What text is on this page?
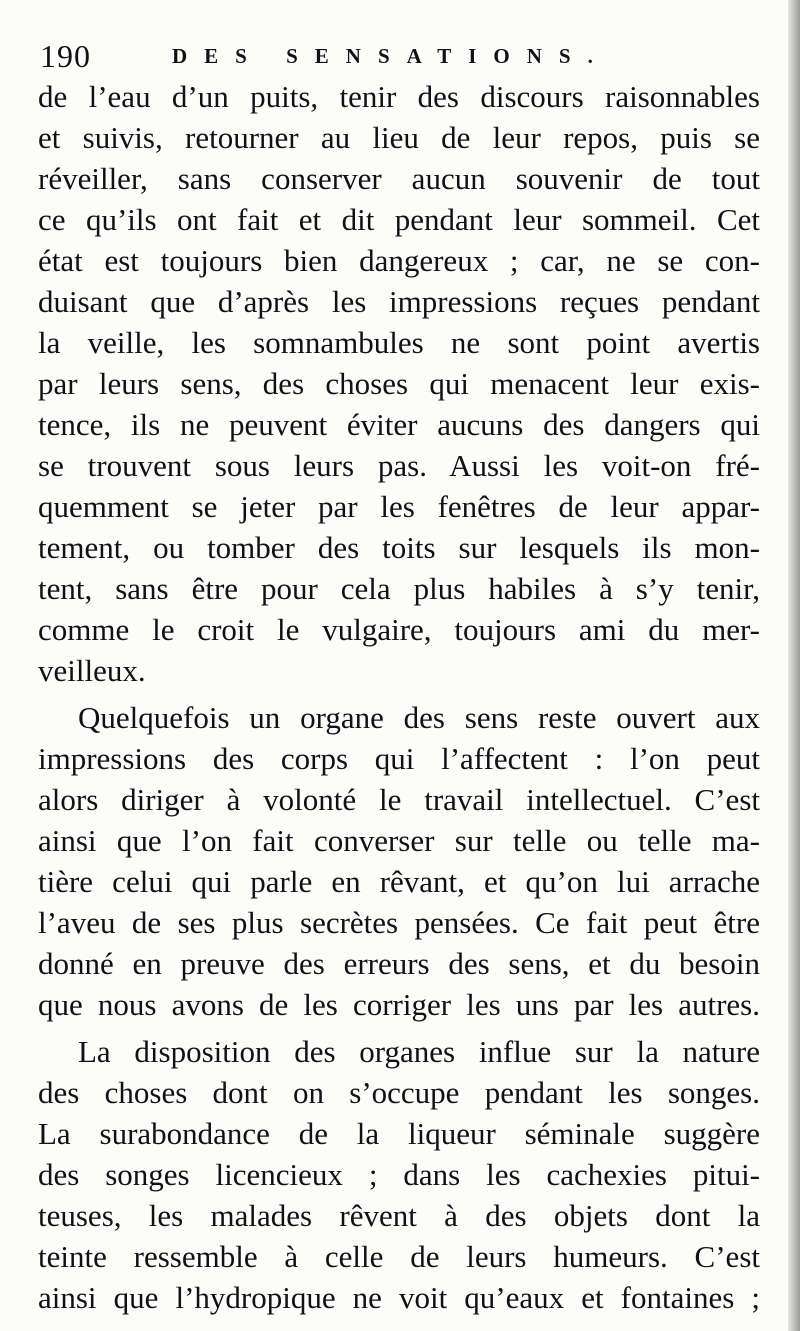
190	DES SENSATIONS.
de l’eau d’un puits, tenir des discours raisonnables
et suivis, retourner au lieu de leur repos, puis se
réveiller, sans conserver aucun souvenir de tout
ce qu’ils ont fait et dit pendant leur sommeil. Cet
état est toujours bien dangereux ; car, ne se con-
duisant que d’après les impressions reçues pendant
la veille, les somnambules ne sont point avertis
par leurs sens, des choses qui menacent leur exis-
tence, ils ne peuvent éviter aucuns des dangers qui
se trouvent sous leurs pas. Aussi les voit-on fré-
quemment se jeter par les fenêtres de leur appar-
tement, ou tomber des toits sur lesquels ils mon-
tent, sans être pour cela plus habiles à s’y tenir,
comme le croit le vulgaire, toujours ami du mer-
veilleux.
Quelquefois un organe des sens reste ouvert aux
impressions des corps qui l’affectent : l’on peut
alors diriger à volonté le travail intellectuel. C’est
ainsi que l’on fait converser sur telle ou telle ma-
tière celui qui parle en rêvant, et qu’on lui arrache
l’aveu de ses plus secrètes pensées. Ce fait peut être
donné en preuve des erreurs des sens, et du besoin
que nous avons de les corriger les uns par les autres.
La disposition des organes influe sur la nature
des choses dont on s’occupe pendant les songes.
La surabondance de la liqueur séminale suggère
des songes licencieux ; dans les cachexies pitui-
teuses, les malades rêvent à des objets dont la
teinte ressemble à celle de leurs humeurs. C’est
ainsi que l’hydropique ne voit qu’eaux et fontaines ;
